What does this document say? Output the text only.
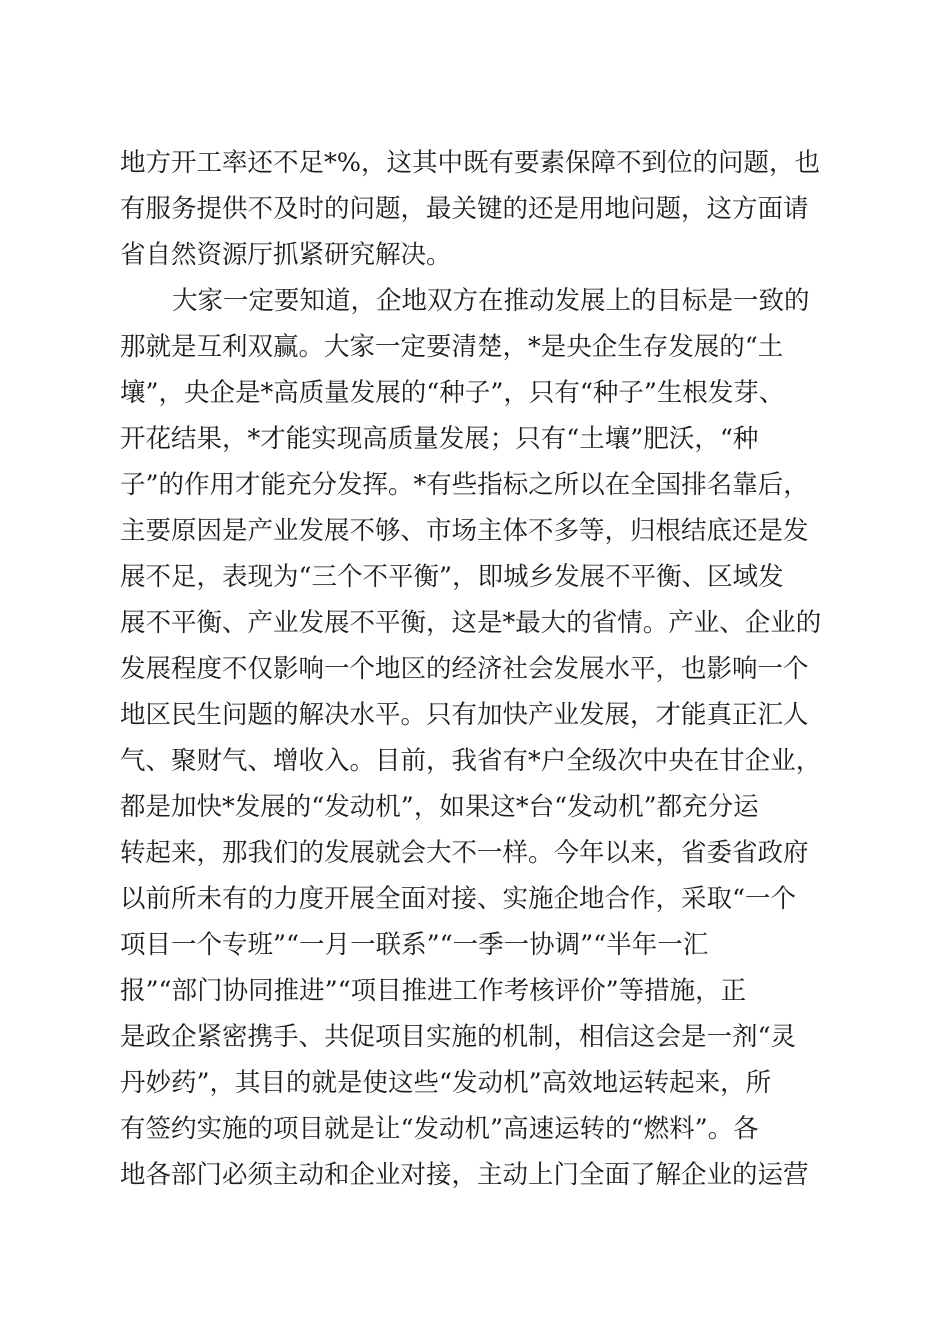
地方开工率还不足*%，这其中既有要素保障不到位的问题，也
有服务提供不及时的问题，最关键的还是用地问题，这方面请
省自然资源厅抓紧研究解决。
大家一定要知道，企地双方在推动发展上的目标是一致的
那就是互利双赢。大家一定要清楚，*是央企生存发展的“土
壤”，央企是*高质量发展的“种子”，只有“种子”生根发芽、
开花结果，*才能实现高质量发展；只有“土壤”肥沃，“种
子”的作用才能充分发挥。*有些指标之所以在全国排名靠后，
主要原因是产业发展不够、市场主体不多等，归根结底还是发
展不足，表现为“三个不平衡”，即城乡发展不平衡、区域发
展不平衡、产业发展不平衡，这是*最大的省情。产业、企业的
发展程度不仅影响一个地区的经济社会发展水平，也影响一个
地区民生问题的解决水平。只有加快产业发展，才能真正汇人
气、聚财气、增收入。目前，我省有*户全级次中央在甘企业，
都是加快*发展的“发动机”，如果这*台“发动机”都充分运
转起来，那我们的发展就会大不一样。今年以来，省委省政府
以前所未有的力度开展全面对接、实施企地合作，采取“一个
项目一个专班”“一月一联系”“一季一协调”“半年一汇
报”“部门协同推进”“项目推进工作考核评价”等措施，正
是政企紧密携手、共促项目实施的机制，相信这会是一剂“灵
丹妙药”，其目的就是使这些“发动机”高效地运转起来，所
有签约实施的项目就是让“发动机”高速运转的“燃料”。各
地各部门必须主动和企业对接，主动上门全面了解企业的运营
